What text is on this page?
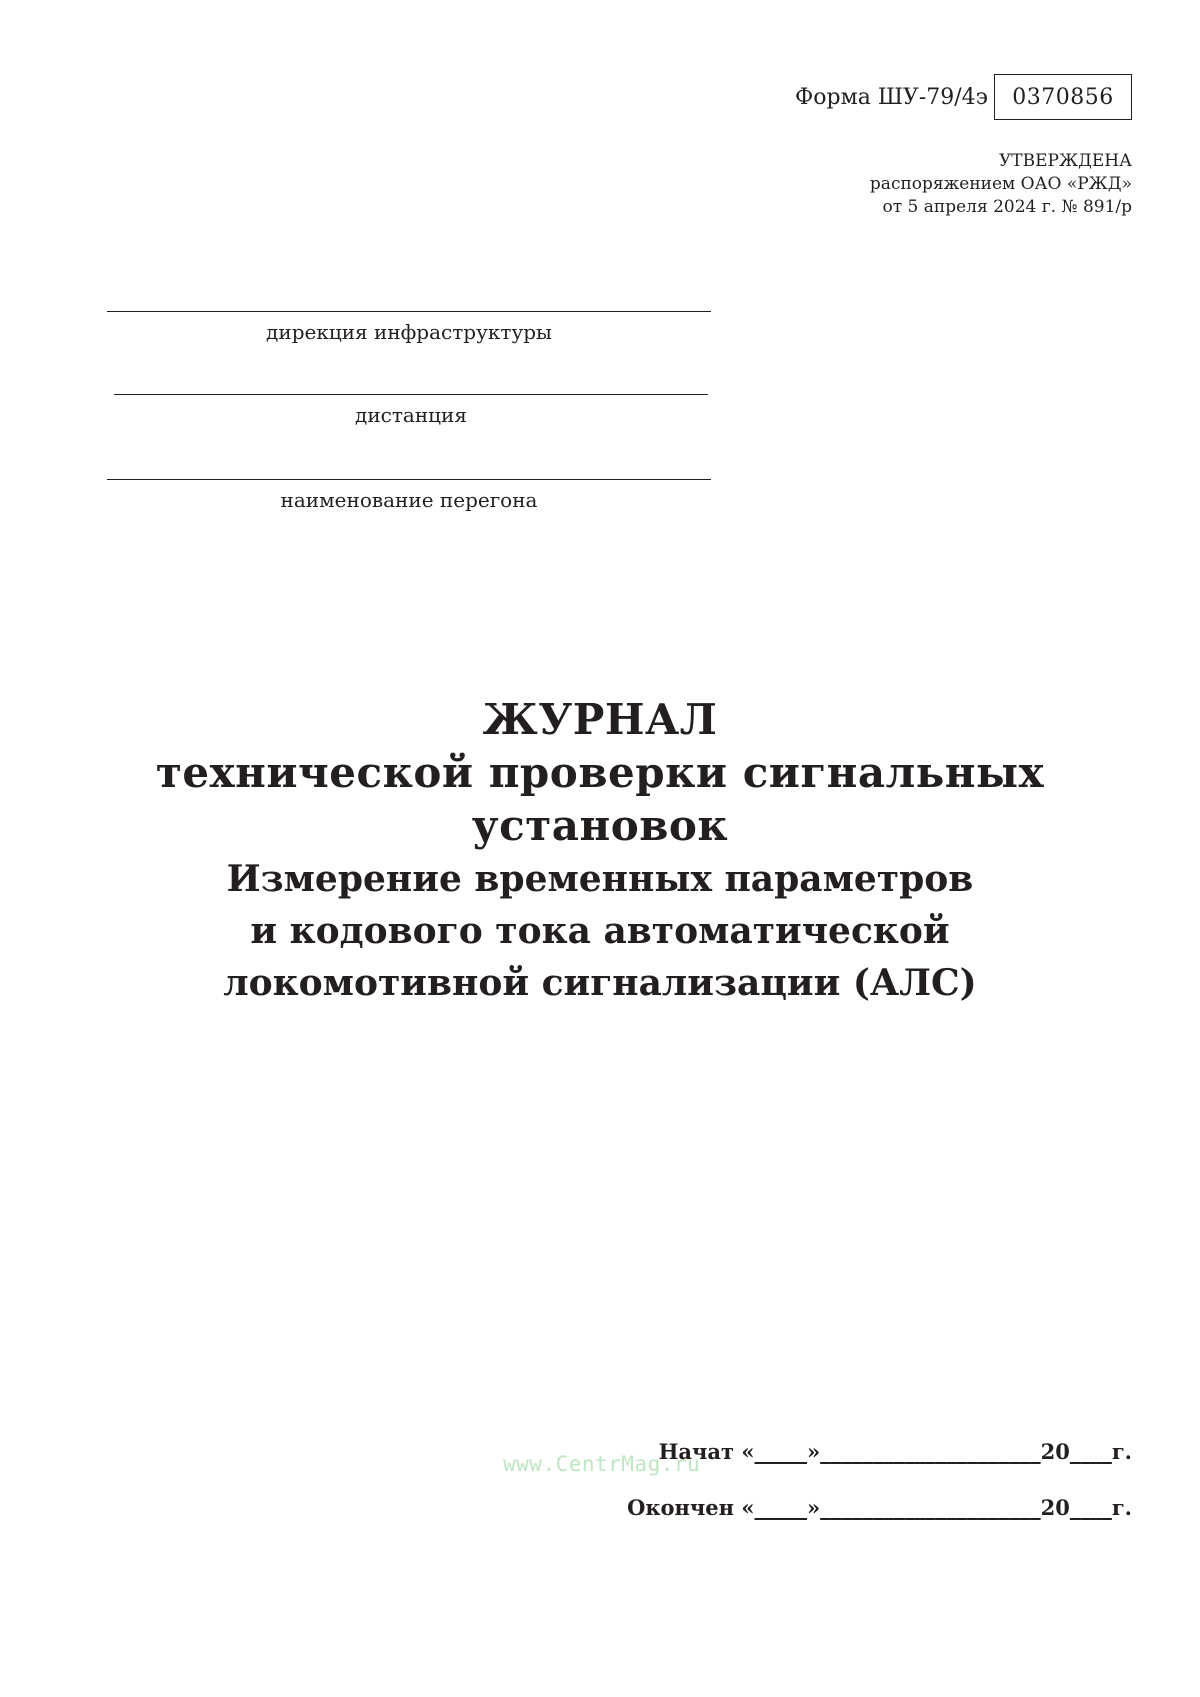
Форма ШУ-79/4э	0370856
УТВЕРЖДЕНА
распоряжением ОАО «РЖД»
от 5 апреля 2024 г. № 891/р
дирекция инфраструктуры
дистанция
наименование перегона
ЖУРНАЛ
технической проверки сигнальных
установок
Измерение временных параметров
и кодового тока автоматической
локомотивной сигнализации (АЛС)
Начат «_____»_____________________20____г.
Окончен «_____»_____________________20____г.
www.CentrMag.ru
